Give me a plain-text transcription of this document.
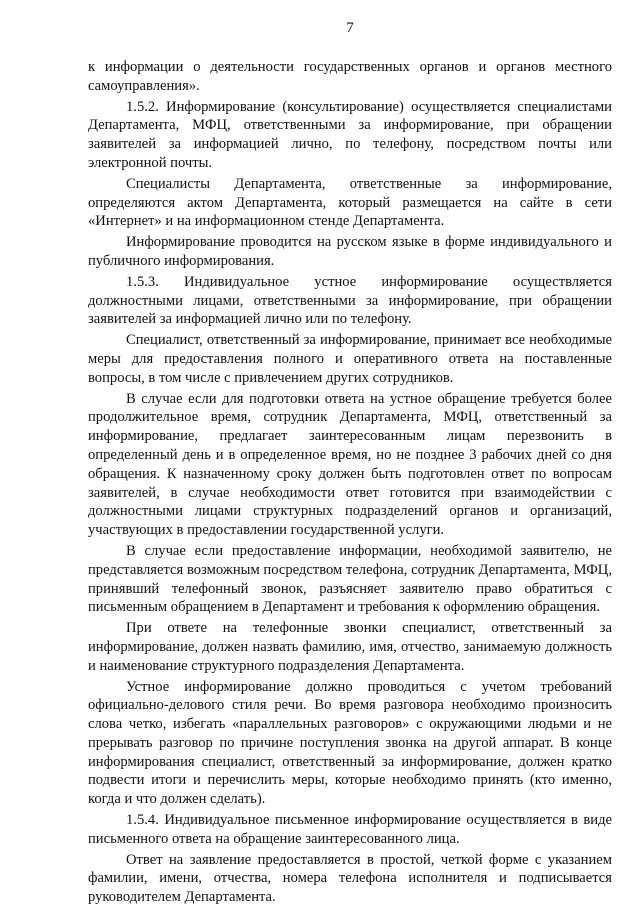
7

к информации о деятельности государственных органов и органов местного самоуправления».

1.5.2. Информирование (консультирование) осуществляется специалистами Департамента, МФЦ, ответственными за информирование, при обращении заявителей за информацией лично, по телефону, посредством почты или электронной почты.

Специалисты Департамента, ответственные за информирование, определяются актом Департамента, который размещается на сайте в сети «Интернет» и на информационном стенде Департамента.

Информирование проводится на русском языке в форме индивидуального и публичного информирования.

1.5.3. Индивидуальное устное информирование осуществляется должностными лицами, ответственными за информирование, при обращении заявителей за информацией лично или по телефону.

Специалист, ответственный за информирование, принимает все необходимые меры для предоставления полного и оперативного ответа на поставленные вопросы, в том числе с привлечением других сотрудников.

В случае если для подготовки ответа на устное обращение требуется более продолжительное время, сотрудник Департамента, МФЦ, ответственный за информирование, предлагает заинтересованным лицам перезвонить в определенный день и в определенное время, но не позднее 3 рабочих дней со дня обращения. К назначенному сроку должен быть подготовлен ответ по вопросам заявителей, в случае необходимости ответ готовится при взаимодействии с должностными лицами структурных подразделений органов и организаций, участвующих в предоставлении государственной услуги.

В случае если предоставление информации, необходимой заявителю, не представляется возможным посредством телефона, сотрудник Департамента, МФЦ, принявший телефонный звонок, разъясняет заявителю право обратиться с письменным обращением в Департамент и требования к оформлению обращения.

При ответе на телефонные звонки специалист, ответственный за информирование, должен назвать фамилию, имя, отчество, занимаемую должность и наименование структурного подразделения Департамента.

Устное информирование должно проводиться с учетом требований официально-делового стиля речи. Во время разговора необходимо произносить слова четко, избегать «параллельных разговоров» с окружающими людьми и не прерывать разговор по причине поступления звонка на другой аппарат. В конце информирования специалист, ответственный за информирование, должен кратко подвести итоги и перечислить меры, которые необходимо принять (кто именно, когда и что должен сделать).

1.5.4. Индивидуальное письменное информирование осуществляется в виде письменного ответа на обращение заинтересованного лица.

Ответ на заявление предоставляется в простой, четкой форме с указанием фамилии, имени, отчества, номера телефона исполнителя и подписывается руководителем Департамента.
